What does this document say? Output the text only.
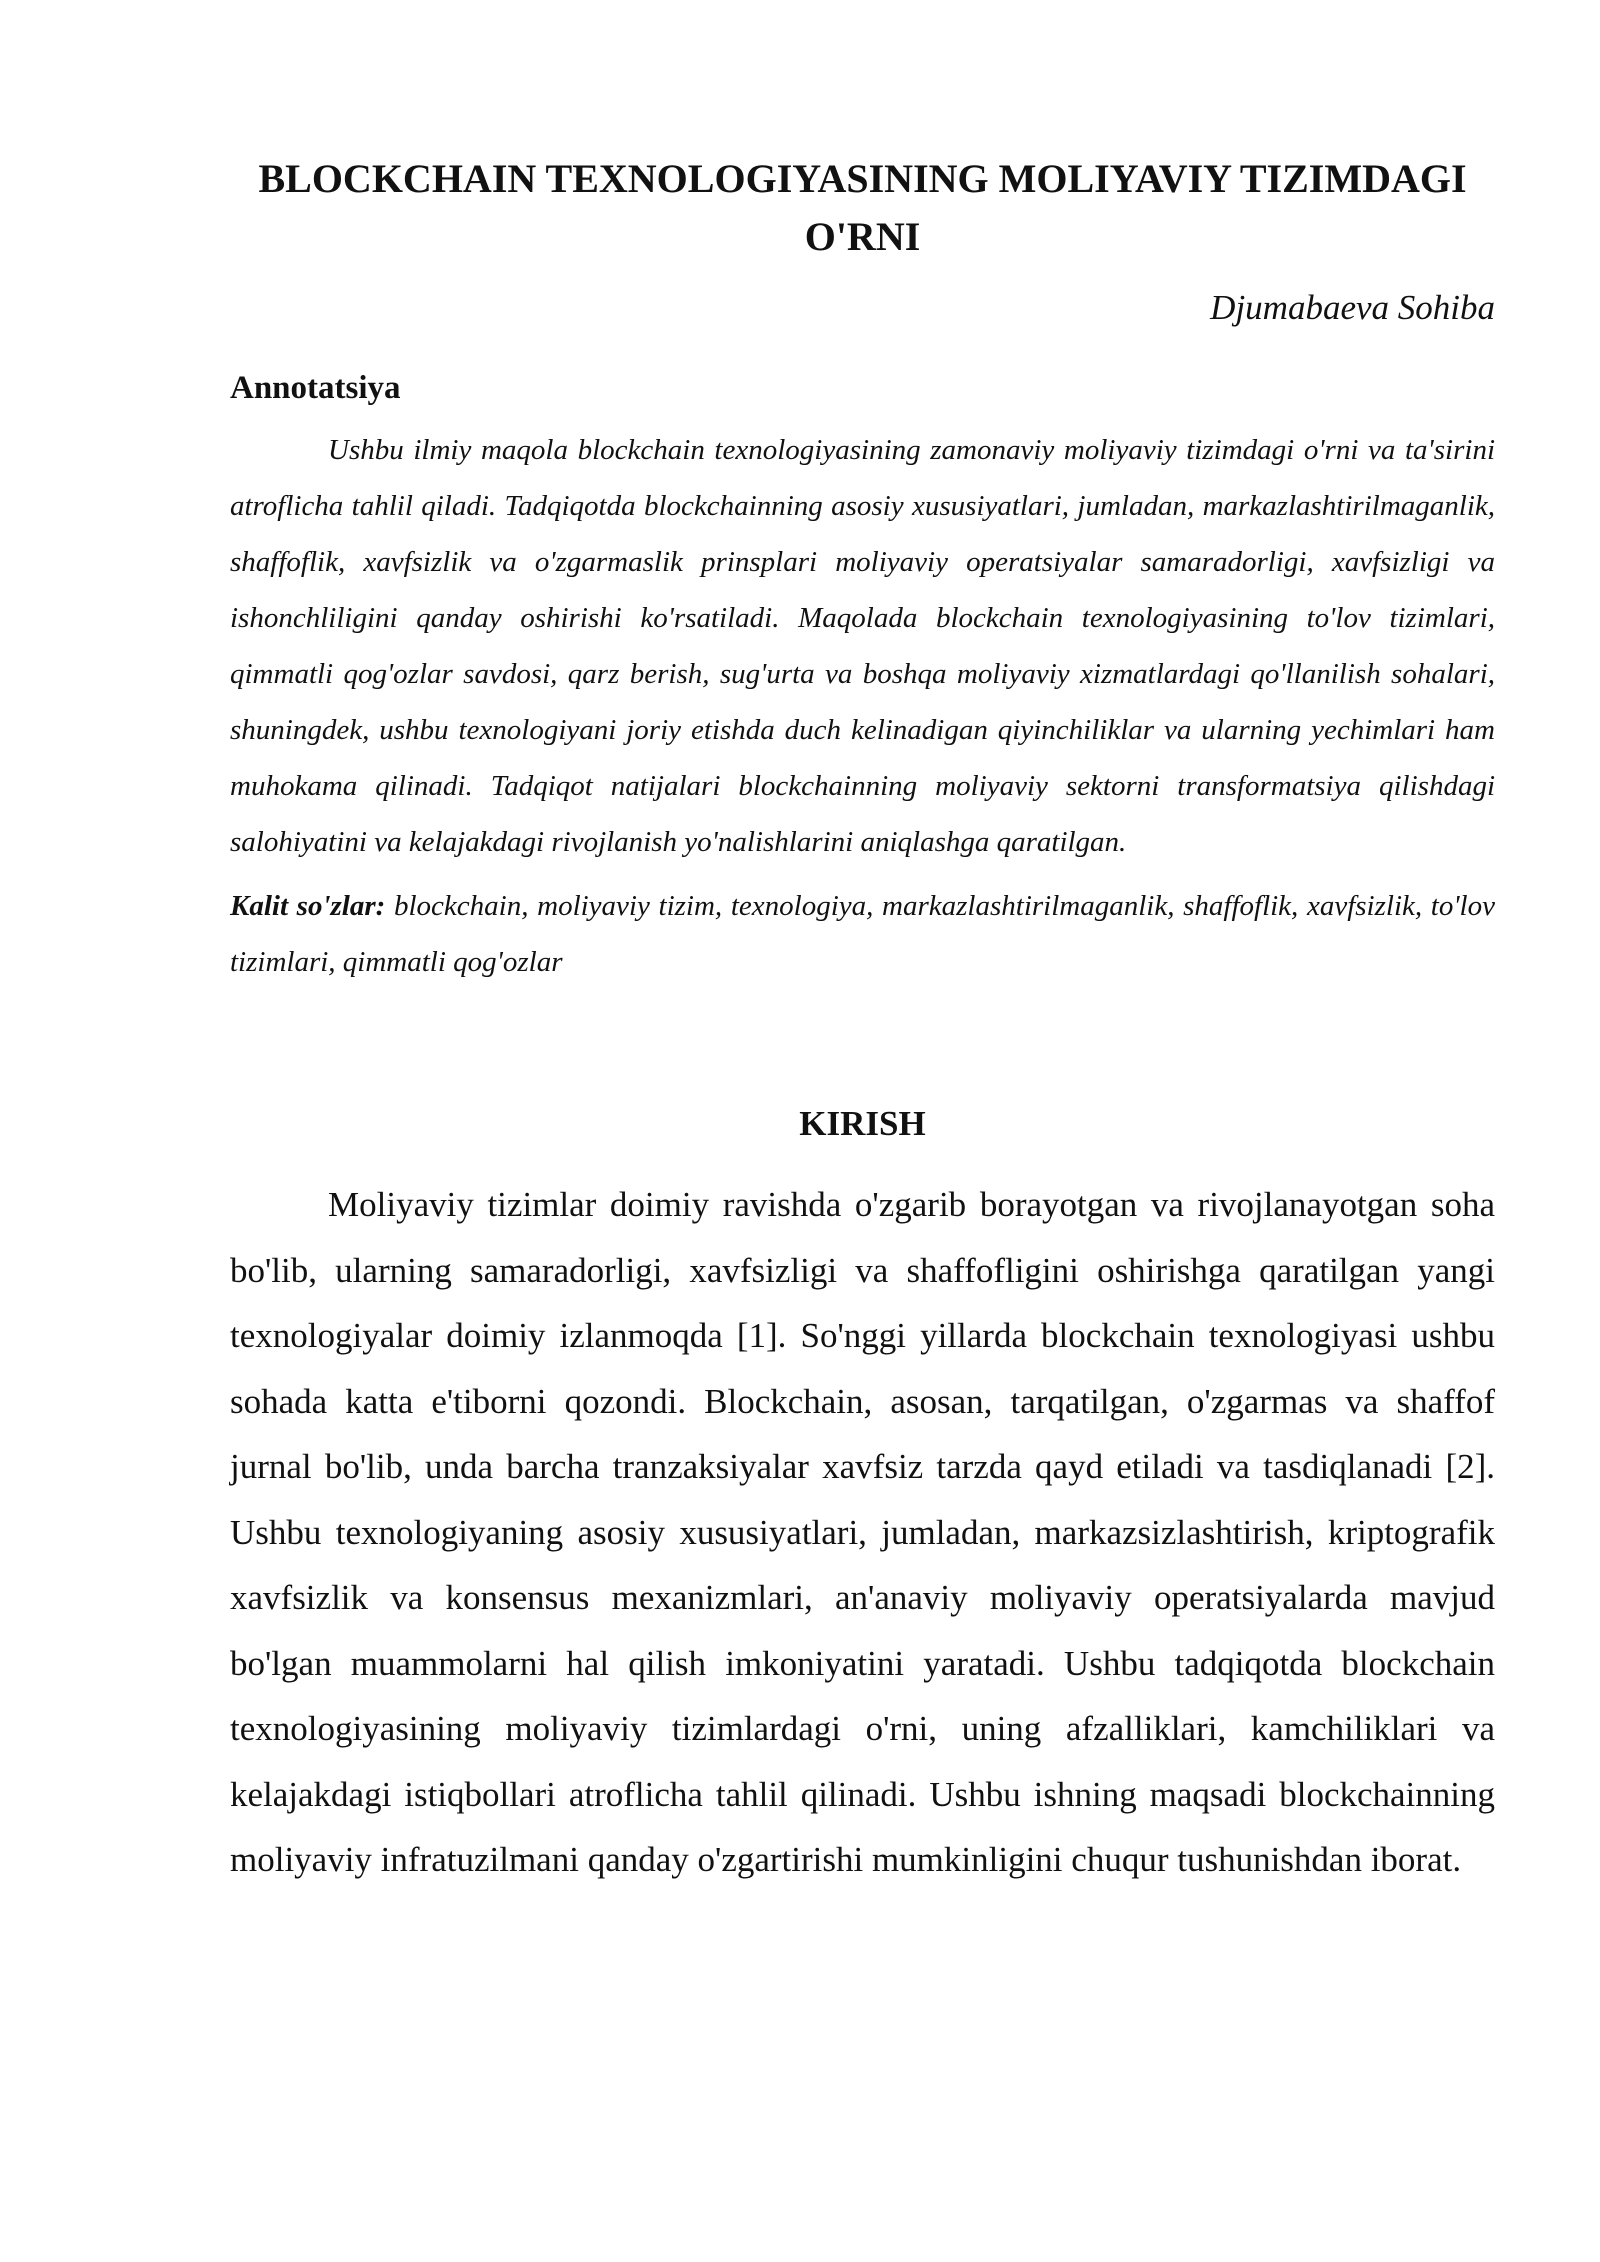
BLOCKCHAIN TEXNOLOGIYASINING MOLIYAVIY TIZIMDAGI O'RNI
Djumabaeva Sohiba
Annotatsiya

Ushbu ilmiy maqola blockchain texnologiyasining zamonaviy moliyaviy tizimdagi o'rni va ta'sirini atroflicha tahlil qiladi. Tadqiqotda blockchainning asosiy xususiyatlari, jumladan, markazlashtirilmaganlik, shaffoflik, xavfsizlik va o'zgarmaslik prinsplari moliyaviy operatsiyalar samaradorligi, xavfsizligi va ishonchliligini qanday oshirishi ko'rsatiladi. Maqolada blockchain texnologiyasining to'lov tizimlari, qimmatli qog'ozlar savdosi, qarz berish, sug'urta va boshqa moliyaviy xizmatlardagi qo'llanilish sohalari, shuningdek, ushbu texnologiyani joriy etishda duch kelinadigan qiyinchiliklar va ularning yechimlari ham muhokama qilinadi. Tadqiqot natijalari blockchainning moliyaviy sektorni transformatsiya qilishdagi salohiyatini va kelajakdagi rivojlanish yo'nalishlarini aniqlashga qaratilgan.

Kalit so'zlar: blockchain, moliyaviy tizim, texnologiya, markazlashtirilmaganlik, shaffoflik, xavfsizlik, to'lov tizimlari, qimmatli qog'ozlar

KIRISH

Moliyaviy tizimlar doimiy ravishda o'zgarib borayotgan va rivojlanayotgan soha bo'lib, ularning samaradorligi, xavfsizligi va shaffofligini oshirishga qaratilgan yangi texnologiyalar doimiy izlanmoqda [1]. So'nggi yillarda blockchain texnologiyasi ushbu sohada katta e'tiborni qozondi. Blockchain, asosan, tarqatilgan, o'zgarmas va shaffof jurnal bo'lib, unda barcha tranzaksiyalar xavfsiz tarzda qayd etiladi va tasdiqlanadi [2]. Ushbu texnologiyaning asosiy xususiyatlari, jumladan, markazsizlashtirish, kriptografik xavfsizlik va konsensus mexanizmlari, an'anaviy moliyaviy operatsiyalarda mavjud bo'lgan muammolarni hal qilish imkoniyatini yaratadi. Ushbu tadqiqotda blockchain texnologiyasining moliyaviy tizimlardagi o'rni, uning afzalliklari, kamchiliklari va kelajakdagi istiqbollari atroflicha tahlil qilinadi. Ushbu ishning maqsadi blockchainning moliyaviy infratuzilmani qanday o'zgartirishi mumkinligini chuqur tushunishdan iborat.
